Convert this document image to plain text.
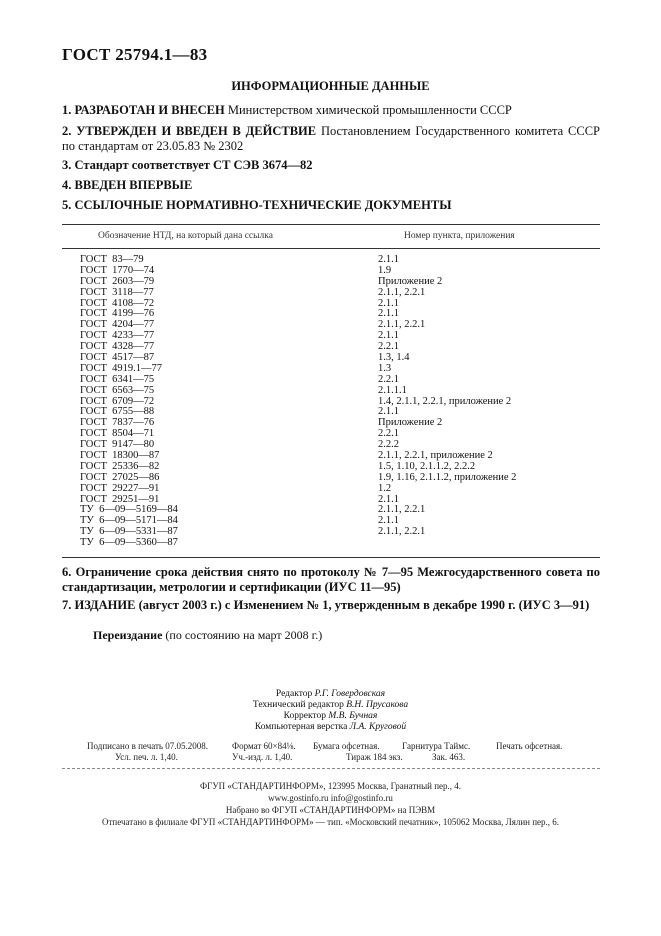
ГОСТ 25794.1—83
ИНФОРМАЦИОННЫЕ ДАННЫЕ
1. РАЗРАБОТАН И ВНЕСЕН Министерством химической промышленности СССР
2. УТВЕРЖДЕН И ВВЕДЕН В ДЕЙСТВИЕ Постановлением Государственного комитета СССР по стандартам от 23.05.83 № 2302
3. Стандарт соответствует СТ СЭВ 3674—82
4. ВВЕДЕН ВПЕРВЫЕ
5. ССЫЛОЧНЫЕ НОРМАТИВНО-ТЕХНИЧЕСКИЕ ДОКУМЕНТЫ
Обозначение НТД, на который дана ссылка	Номер пункта, приложения
ГОСТ  83—79	2.1.1
ГОСТ  1770—74	1.9
ГОСТ  2603—79	Приложение 2
ГОСТ  3118—77	2.1.1, 2.2.1
ГОСТ  4108—72	2.1.1
ГОСТ  4199—76	2.1.1
ГОСТ  4204—77	2.1.1, 2.2.1
ГОСТ  4233—77	2.1.1
ГОСТ  4328—77	2.2.1
ГОСТ  4517—87	1.3, 1.4
ГОСТ  4919.1—77	1.3
ГОСТ  6341—75	2.2.1
ГОСТ  6563—75	2.1.1.1
ГОСТ  6709—72	1.4, 2.1.1, 2.2.1, приложение 2
ГОСТ  6755—88	2.1.1
ГОСТ  7837—76	Приложение 2
ГОСТ  8504—71	2.2.1
ГОСТ  9147—80	2.2.2
ГОСТ  18300—87	2.1.1, 2.2.1, приложение 2
ГОСТ  25336—82	1.5, 1.10, 2.1.1.2, 2.2.2
ГОСТ  27025—86	1.9, 1.16, 2.1.1.2, приложение 2
ГОСТ  29227—91	1.2
ГОСТ  29251—91	2.1.1
ТУ  6—09—5169—84	2.1.1, 2.2.1
ТУ  6—09—5171—84	2.1.1
ТУ  6—09—5331—87	2.1.1, 2.2.1
ТУ  6—09—5360—87
6. Ограничение срока действия снято по протоколу № 7—95 Межгосударственного совета по стандартизации, метрологии и сертификации (ИУС 11—95)
7. ИЗДАНИЕ (август 2003 г.) с Изменением № 1, утвержденным в декабре 1990 г. (ИУС 3—91)
Переиздание (по состоянию на март 2008 г.)
Редактор Р.Г. Говердовская
Технический редактор В.Н. Прусакова
Корректор М.В. Бучная
Компьютерная верстка Л.А. Круговой
Подписано в печать 07.05.2008.	Формат 60×84⅛. Бумага офсетная.	Гарнитура Таймс.	Печать офсетная.
Усл. печ. л. 1,40.	Уч.-изд. л. 1,40.	Тираж 184 экз.	Зак. 463.
ФГУП «СТАНДАРТИНФОРМ», 123995 Москва, Гранатный пер., 4.
www.gostinfo.ru info@gostinfo.ru
Набрано во ФГУП «СТАНДАРТИНФОРМ» на ПЭВМ
Отпечатано в филиале ФГУП «СТАНДАРТИНФОРМ» — тип. «Московский печатник», 105062 Москва, Лялин пер., 6.
